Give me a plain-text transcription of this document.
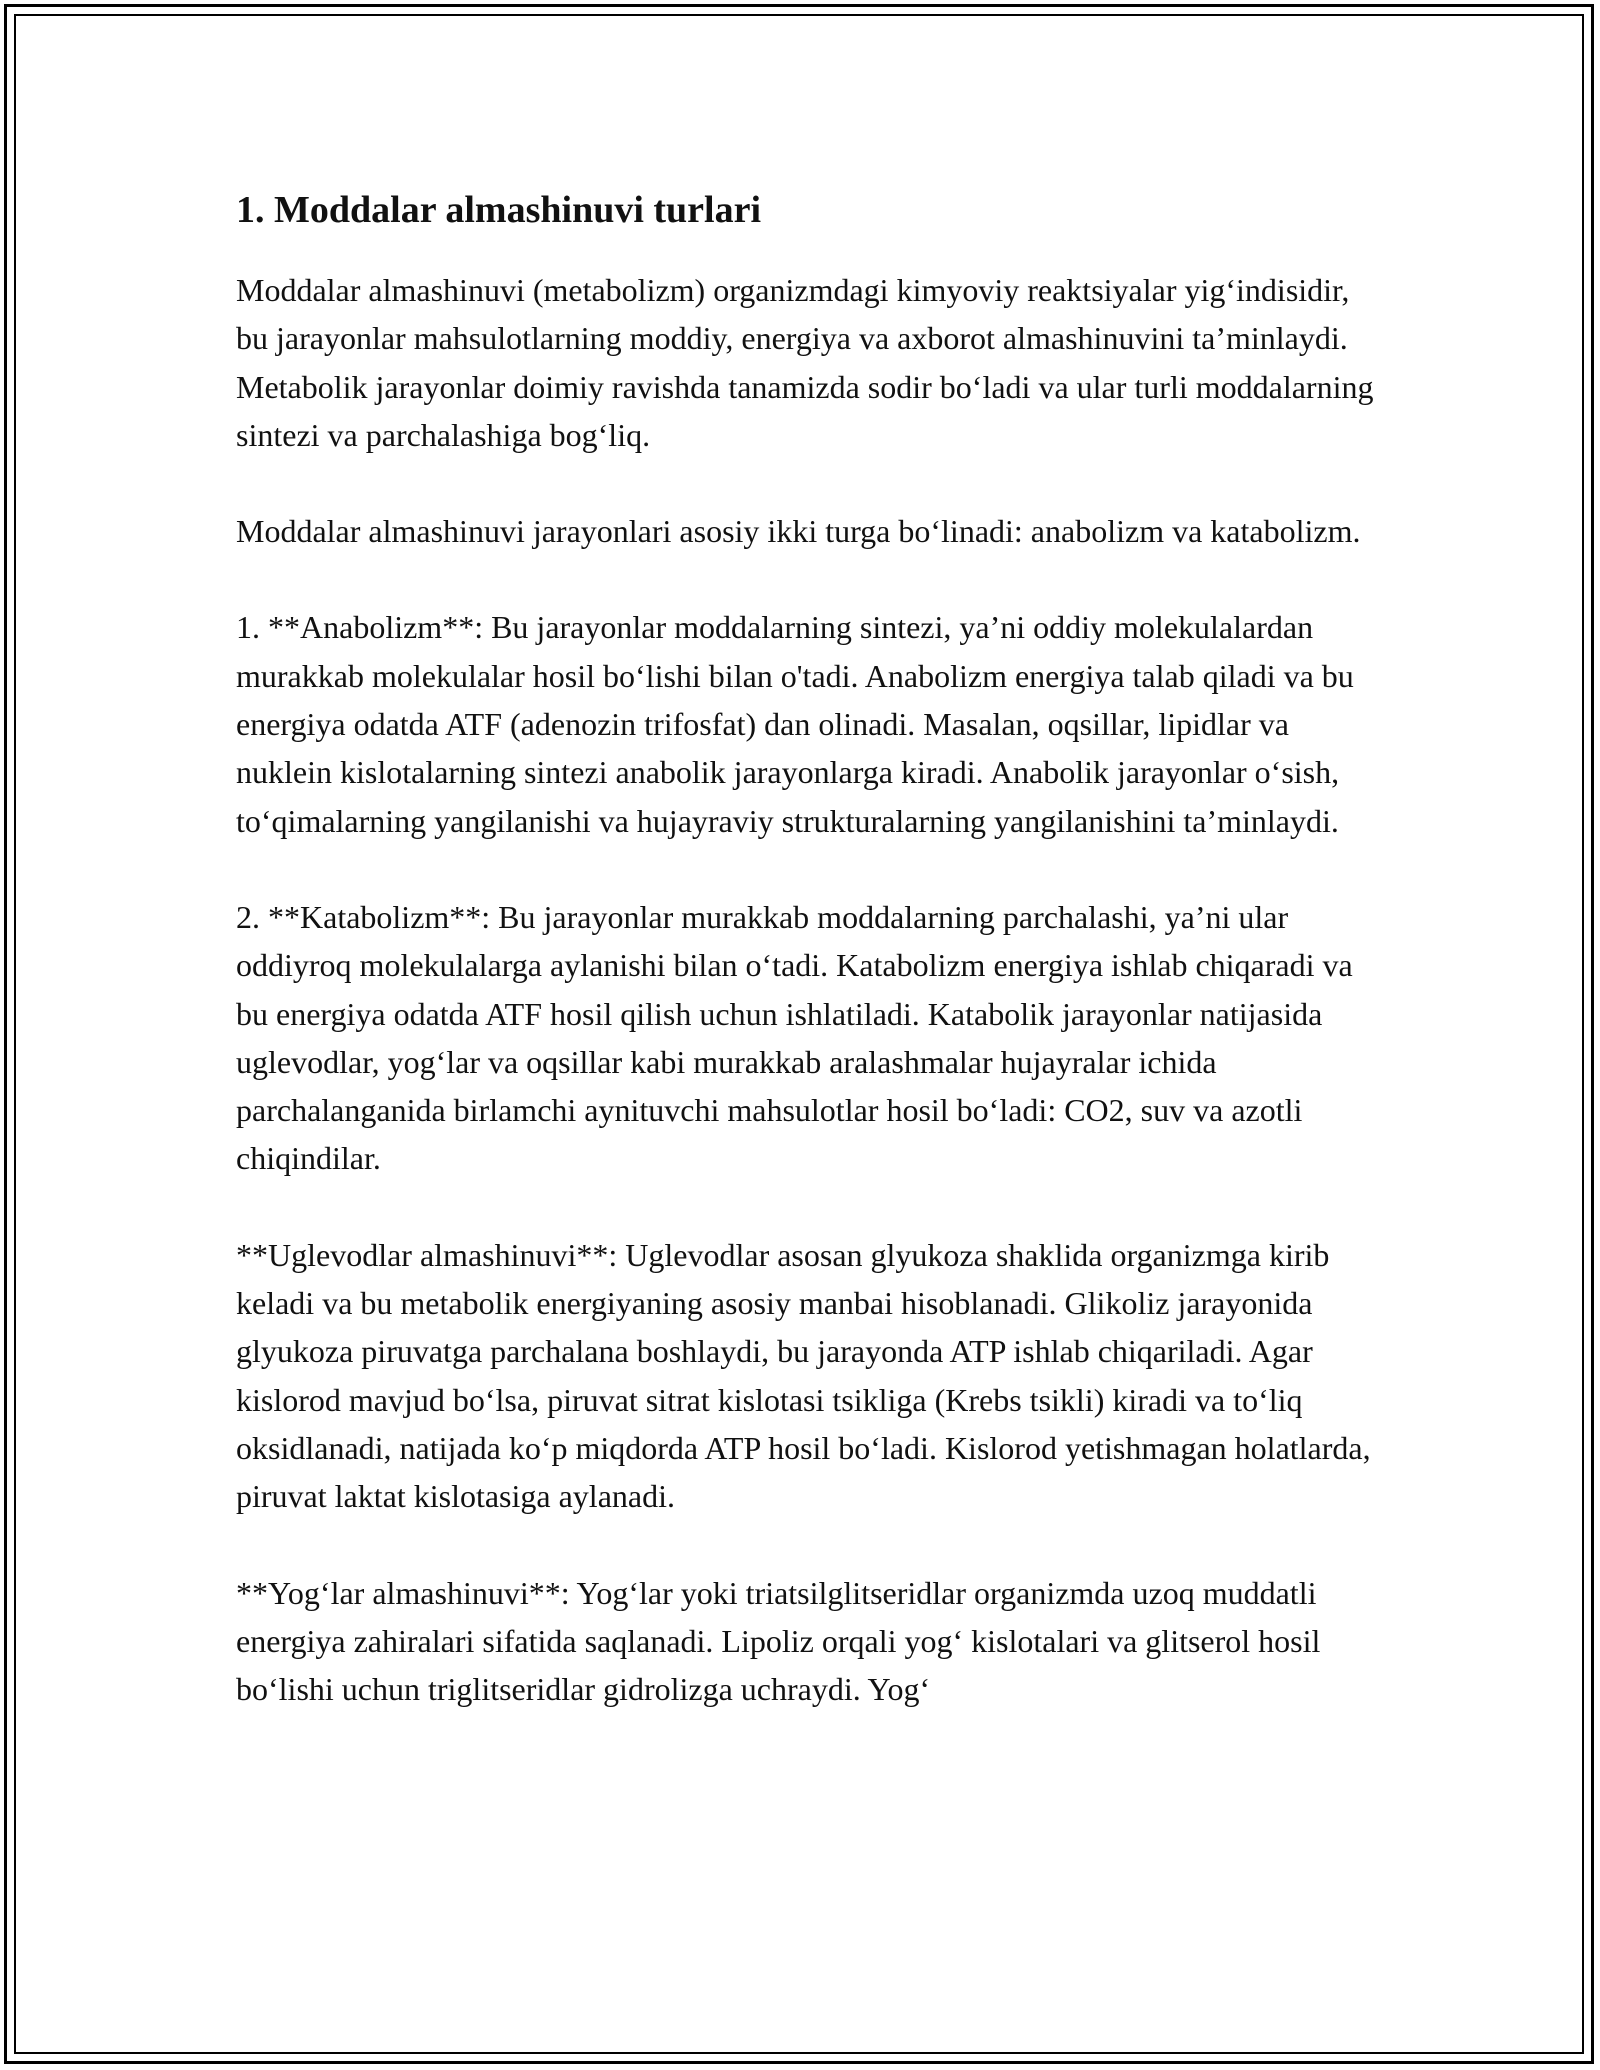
1. Moddalar almashinuvi turlari

Moddalar almashinuvi (metabolizm) organizmdagi kimyoviy reaktsiyalar yig‘indisidir, bu jarayonlar mahsulotlarning moddiy, energiya va axborot almashinuvini ta’minlaydi. Metabolik jarayonlar doimiy ravishda tanamizda sodir bo‘ladi va ular turli moddalarning sintezi va parchalashiga bog‘liq.

Moddalar almashinuvi jarayonlari asosiy ikki turga bo‘linadi: anabolizm va katabolizm.

1. **Anabolizm**: Bu jarayonlar moddalarning sintezi, ya’ni oddiy molekulalardan murakkab molekulalar hosil bo‘lishi bilan o'tadi. Anabolizm energiya talab qiladi va bu energiya odatda ATF (adenozin trifosfat) dan olinadi. Masalan, oqsillar, lipidlar va nuklein kislotalarning sintezi anabolik jarayonlarga kiradi. Anabolik jarayonlar o‘sish, to‘qimalarning yangilanishi va hujayraviy strukturalarning yangilanishini ta’minlaydi.

2. **Katabolizm**: Bu jarayonlar murakkab moddalarning parchalashi, ya’ni ular oddiyroq molekulalarga aylanishi bilan o‘tadi. Katabolizm energiya ishlab chiqaradi va bu energiya odatda ATF hosil qilish uchun ishlatiladi. Katabolik jarayonlar natijasida uglevodlar, yog‘lar va oqsillar kabi murakkab aralashmalar hujayralar ichida parchalanganida birlamchi aynituvchi mahsulotlar hosil bo‘ladi: CO2, suv va azotli chiqindilar.

**Uglevodlar almashinuvi**: Uglevodlar asosan glyukoza shaklida organizmga kirib keladi va bu metabolik energiyaning asosiy manbai hisoblanadi. Glikoliz jarayonida glyukoza piruvatga parchalana boshlaydi, bu jarayonda ATP ishlab chiqariladi. Agar kislorod mavjud bo‘lsa, piruvat sitrat kislotasi tsikliga (Krebs tsikli) kiradi va to‘liq oksidlanadi, natijada ko‘p miqdorda ATP hosil bo‘ladi. Kislorod yetishmagan holatlarda, piruvat laktat kislotasiga aylanadi.

**Yog‘lar almashinuvi**: Yog‘lar yoki triatsilglitseridlar organizmda uzoq muddatli energiya zahiralari sifatida saqlanadi. Lipoliz orqali yog‘ kislotalari va glitserol hosil bo‘lishi uchun triglitseridlar gidrolizga uchraydi. Yog‘
